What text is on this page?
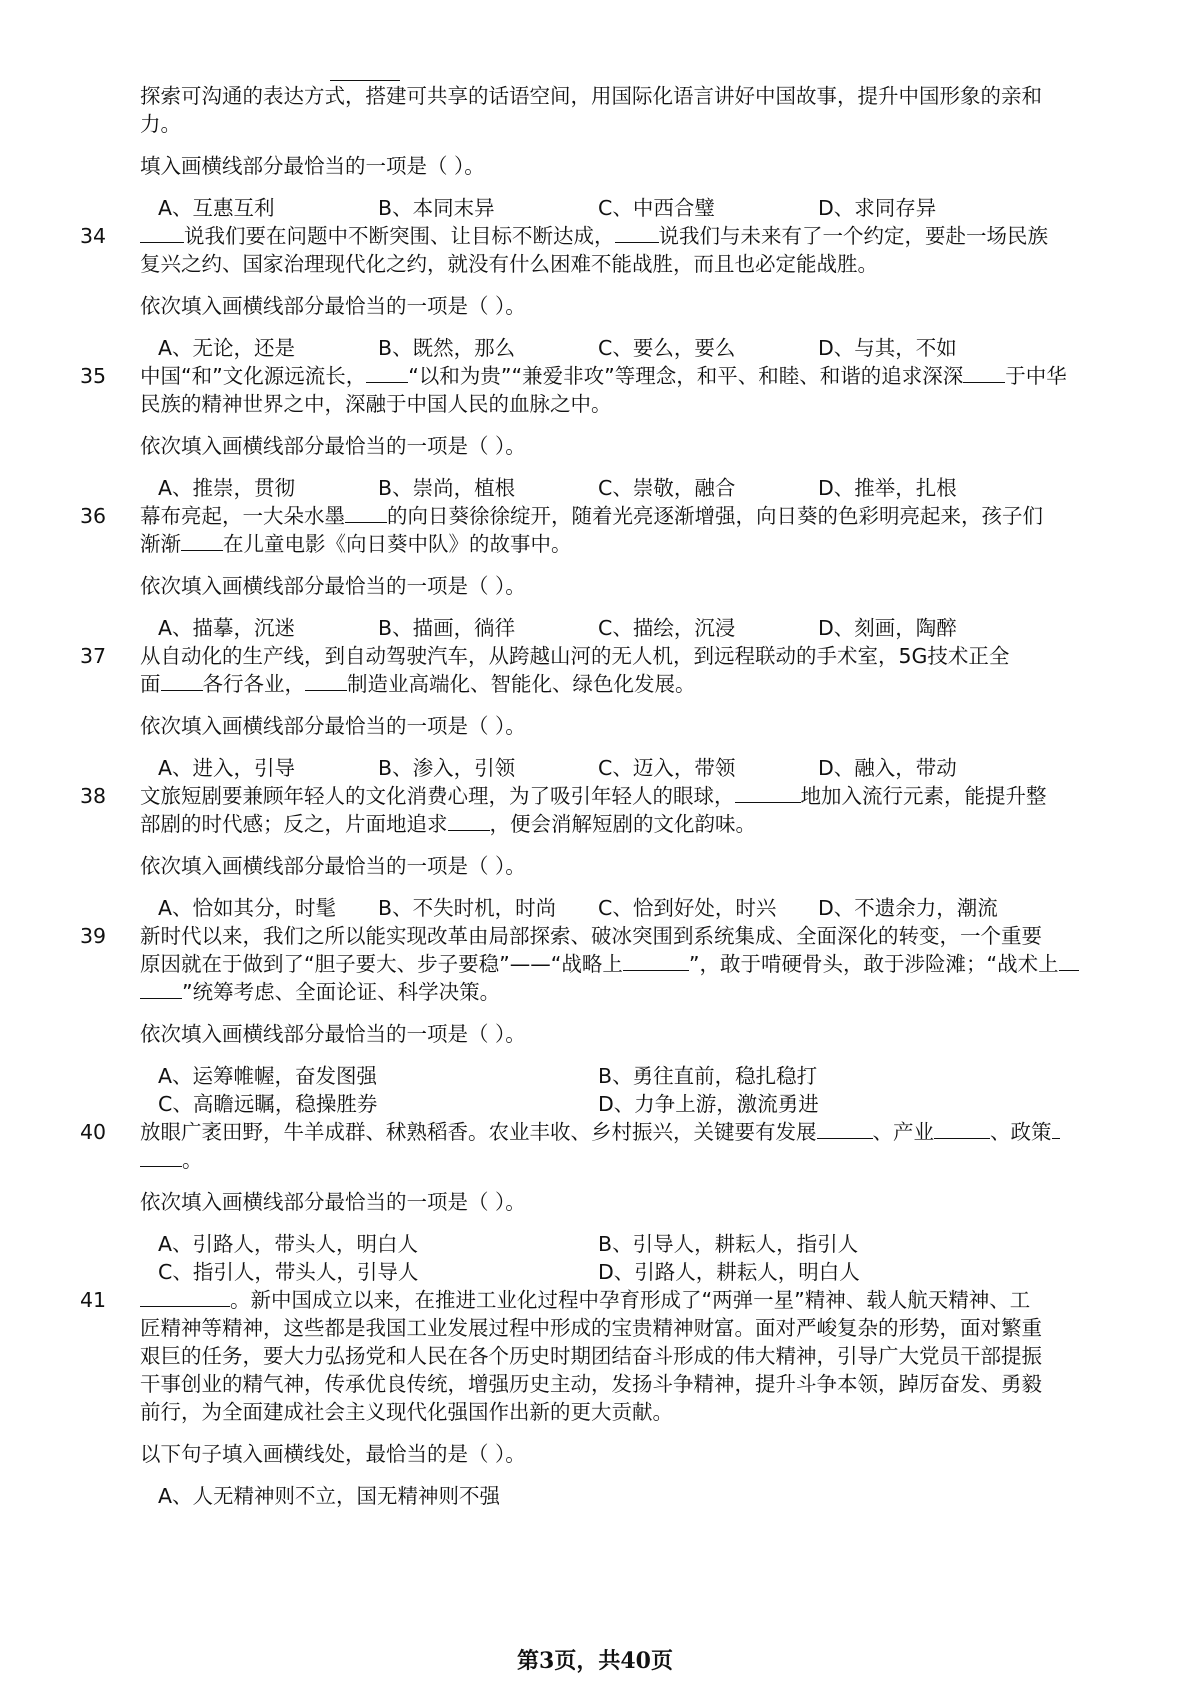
探索可沟通的表达方式，搭建可共享的话语空间，用国际化语言讲好中国故事，提升中国形象的亲和
力。
填入画横线部分最恰当的一项是（ ）。
A、互惠互利	B、本同末异	C、中西合璧	D、求同存异
34	说我们要在问题中不断突围、让目标不断达成， 说我们与未来有了一个约定，要赴一场民族
复兴之约、国家治理现代化之约，就没有什么困难不能战胜，而且也必定能战胜。
依次填入画横线部分最恰当的一项是（ ）。
A、无论，还是	B、既然，那么	C、要么，要么	D、与其，不如
35 中国“和”文化源远流长， “以和为贵”“兼爱非攻”等理念，和平、和睦、和谐的追求深深 于中华
民族的精神世界之中，深融于中国人民的血脉之中。
依次填入画横线部分最恰当的一项是（ ）。
A、推崇，贯彻	B、崇尚，植根	C、崇敬，融合	D、推举，扎根
36 幕布亮起，一大朵水墨 的向日葵徐徐绽开，随着光亮逐渐增强，向日葵的色彩明亮起来，孩子们
渐渐 在儿童电影《向日葵中队》的故事中。
依次填入画横线部分最恰当的一项是（ ）。
A、描摹，沉迷	B、描画，徜徉	C、描绘，沉浸	D、刻画，陶醉
37 从自动化的生产线，到自动驾驶汽车，从跨越山河的无人机，到远程联动的手术室，5G技术正全
面 各行各业， 制造业高端化、智能化、绿色化发展。
依次填入画横线部分最恰当的一项是（ ）。
A、进入，引导	B、渗入，引领	C、迈入，带领	D、融入，带动
38 文旅短剧要兼顾年轻人的文化消费心理，为了吸引年轻人的眼球，	地加入流行元素，能提升整
部剧的时代感；反之，片面地追求 ，便会消解短剧的文化韵味。
依次填入画横线部分最恰当的一项是（ ）。
A、恰如其分，时髦 B、不失时机，时尚 C、恰到好处，时兴 D、不遗余力，潮流
39 新时代以来，我们之所以能实现改革由局部探索、破冰突围到系统集成、全面深化的转变，一个重要
原因就在于做到了“胆子要大、步子要稳”——“战略上	”，敢于啃硬骨头，敢于涉险滩；“战术上
”统筹考虑、全面论证、科学决策。
依次填入画横线部分最恰当的一项是（ ）。
A、运筹帷幄，奋发图强	B、勇往直前，稳扎稳打
C、高瞻远瞩，稳操胜券	D、力争上游，激流勇进
40 放眼广袤田野，牛羊成群、秫熟稻香。农业丰收、乡村振兴，关键要有发展	、产业	、政策
。
依次填入画横线部分最恰当的一项是（ ）。
A、引路人，带头人，明白人	B、引导人，耕耘人，指引人
C、指引人，带头人，引导人	D、引路人，耕耘人，明白人
41	。新中国成立以来，在推进工业化过程中孕育形成了“两弹一星”精神、载人航天精神、工
匠精神等精神，这些都是我国工业发展过程中形成的宝贵精神财富。面对严峻复杂的形势，面对繁重
艰巨的任务，要大力弘扬党和人民在各个历史时期团结奋斗形成的伟大精神，引导广大党员干部提振
干事创业的精气神，传承优良传统，增强历史主动，发扬斗争精神，提升斗争本领，踔厉奋发、勇毅
前行，为全面建成社会主义现代化强国作出新的更大贡献。
以下句子填入画横线处，最恰当的是（ ）。
A、人无精神则不立，国无精神则不强
第3页，共40页
